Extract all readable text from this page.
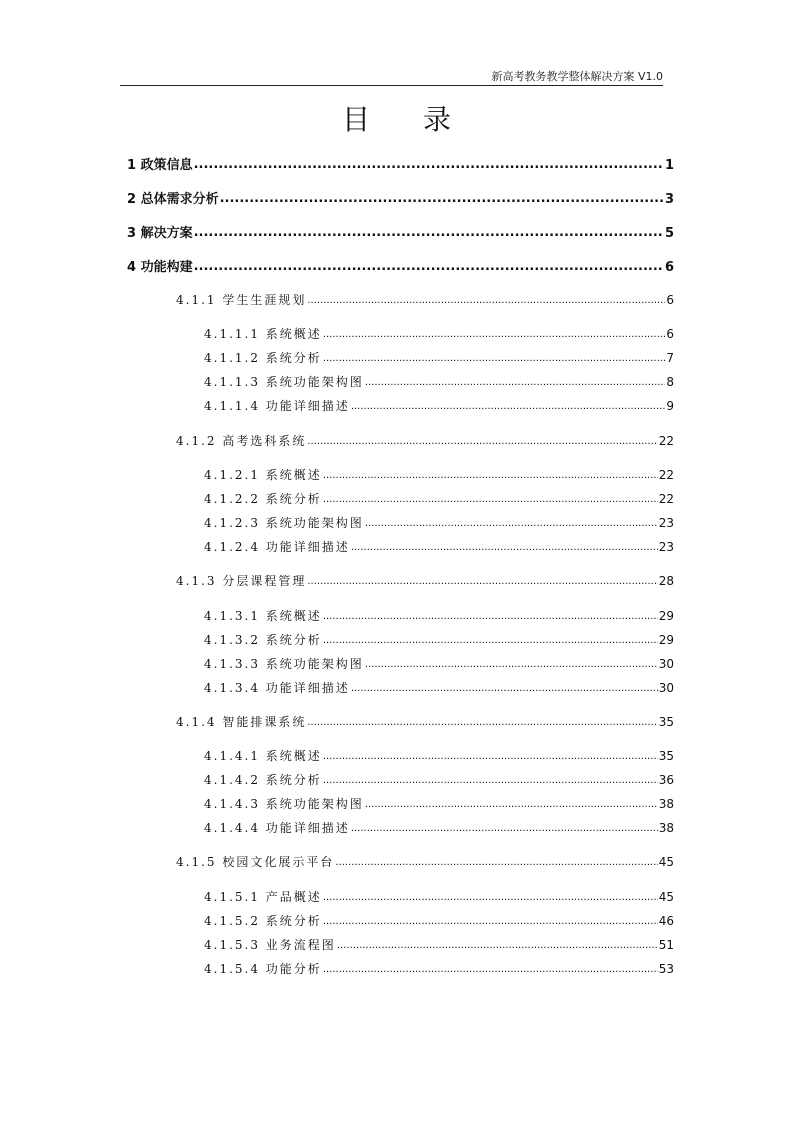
新高考教务教学整体解决方案 V1.0
目 录
1 政策信息 .....	1
2 总体需求分析 .....	3
3 解决方案 .....	5
4 功能构建 .....	6
4.1.1 学生生涯规划 .....	6
4.1.1.1 系统概述 .....	6
4.1.1.2 系统分析 .....	7
4.1.1.3 系统功能架构图 .....	8
4.1.1.4 功能详细描述 .....	9
4.1.2 高考选科系统 .....	22
4.1.2.1 系统概述 .....	22
4.1.2.2 系统分析 .....	22
4.1.2.3 系统功能架构图 .....	23
4.1.2.4 功能详细描述 .....	23
4.1.3 分层课程管理 .....	28
4.1.3.1 系统概述 .....	29
4.1.3.2 系统分析 .....	29
4.1.3.3 系统功能架构图 .....	30
4.1.3.4 功能详细描述 .....	30
4.1.4 智能排课系统 .....	35
4.1.4.1 系统概述 .....	35
4.1.4.2 系统分析 .....	36
4.1.4.3 系统功能架构图 .....	38
4.1.4.4 功能详细描述 .....	38
4.1.5 校园文化展示平台 .....	45
4.1.5.1 产品概述 .....	45
4.1.5.2 系统分析 .....	46
4.1.5.3 业务流程图 .....	51
4.1.5.4 功能分析 .....	53
